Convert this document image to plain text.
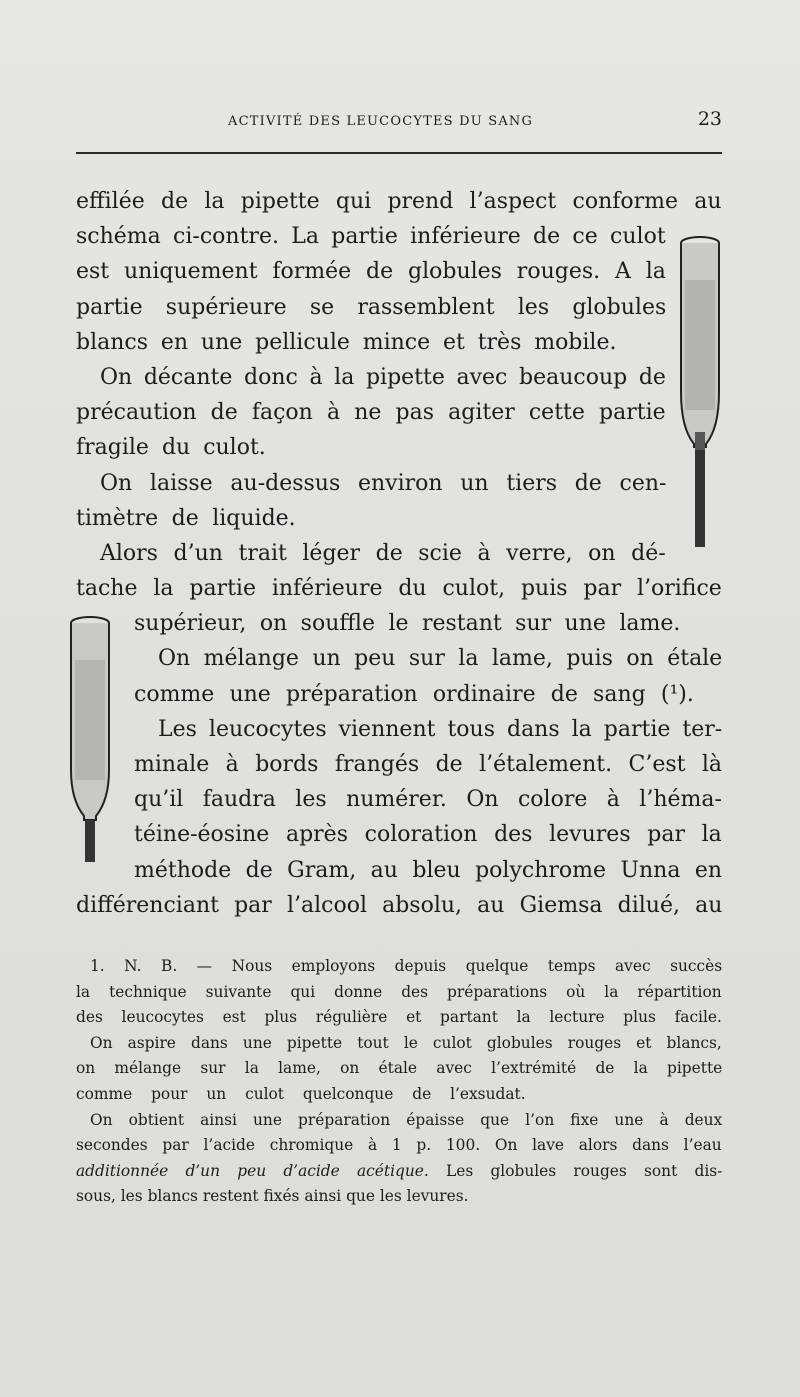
ACTIVITÉ DES LEUCOCYTES DU SANG	23
effilée de la pipette qui prend l’aspect conforme au
schéma ci-contre. La partie inférieure de ce culot
est uniquement formée de globules rouges. A la
partie supérieure se rassemblent les globules
blancs en une pellicule mince et très mobile.
On décante donc à la pipette avec beaucoup de
précaution de façon à ne pas agiter cette partie
fragile du culot.
On laisse au-dessus environ un tiers de cen-
timètre de liquide.
Alors d’un trait léger de scie à verre, on dé-
tache la partie inférieure du culot, puis par l’orifice
supérieur, on souffle le restant sur une lame.
On mélange un peu sur la lame, puis on étale
comme une préparation ordinaire de sang (¹).
Les leucocytes viennent tous dans la partie ter-
minale à bords frangés de l’étalement. C’est là
qu’il faudra les numérer. On colore à l’héma-
téine-éosine après coloration des levures par la
méthode de Gram, au bleu polychrome Unna en
différenciant par l’alcool absolu, au Giemsa dilué, au
1. N. B. — Nous employons depuis quelque temps avec succès
la technique suivante qui donne des préparations où la répartition
des leucocytes est plus régulière et partant la lecture plus facile.
On aspire dans une pipette tout le culot globules rouges et blancs,
on mélange sur la lame, on étale avec l’extrémité de la pipette
comme pour un culot quelconque de l’exsudat.
On obtient ainsi une préparation épaisse que l’on fixe une à deux
secondes par l’acide chromique à 1 p. 100. On lave alors dans l’eau
additionnée d’un peu d’acide acétique. Les globules rouges sont dis-
sous, les blancs restent fixés ainsi que les levures.
